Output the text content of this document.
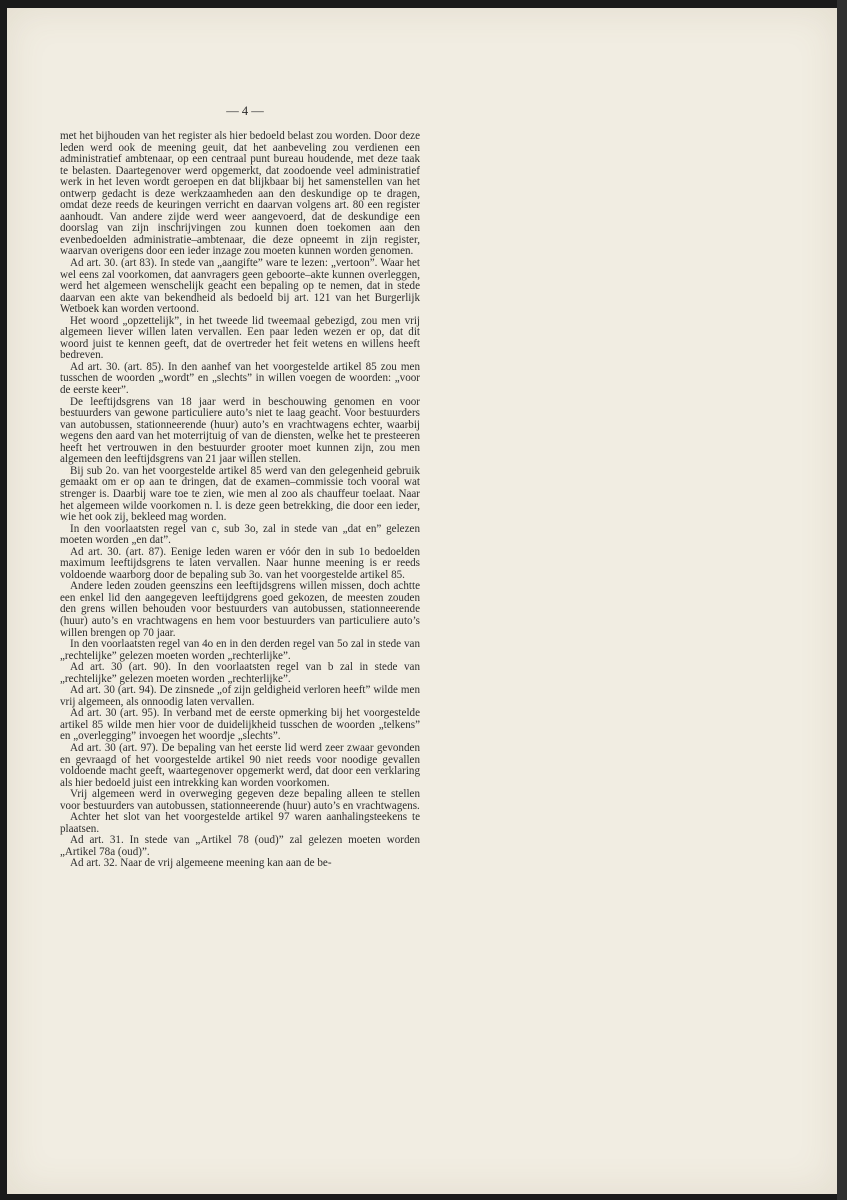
— 4 —

met het bijhouden van het register als hier bedoeld belast zou worden. Door deze leden werd ook de meening geuit, dat het aanbeveling zou verdienen een administratief ambtenaar, op een centraal punt bureau houdende, met deze taak te belasten. Daartegenover werd opgemerkt, dat zoodoende veel administratief werk in het leven wordt geroepen en dat blijkbaar bij het samenstellen van het ontwerp gedacht is deze werkzaamheden aan den deskundige op te dragen, omdat deze reeds de keuringen verricht en daarvan volgens art. 80 een register aanhoudt. Van andere zijde werd weer aangevoerd, dat de deskundige een doorslag van zijn inschrijvingen zou kunnen doen toekomen aan den evenbedoelden administratie–ambtenaar, die deze opneemt in zijn register, waarvan overigens door een ieder inzage zou moeten kunnen worden genomen.

Ad art. 30. (art 83). In stede van „aangifte” ware te lezen: „vertoon”. Waar het wel eens zal voorkomen, dat aanvragers geen geboorte–akte kunnen overleggen, werd het algemeen wenschelijk geacht een bepaling op te nemen, dat in stede daarvan een akte van bekendheid als bedoeld bij art. 121 van het Burgerlijk Wetboek kan worden vertoond.

Het woord „opzettelijk”, in het tweede lid tweemaal gebezigd, zou men vrij algemeen liever willen laten vervallen. Een paar leden wezen er op, dat dit woord juist te kennen geeft, dat de overtreder het feit wetens en willens heeft bedreven.

Ad art. 30. (art. 85). In den aanhef van het voorgestelde artikel 85 zou men tusschen de woorden „wordt” en „slechts” in willen voegen de woorden: „voor de eerste keer”.

De leeftijdsgrens van 18 jaar werd in beschouwing genomen en voor bestuurders van gewone particuliere auto’s niet te laag geacht. Voor bestuurders van autobussen, stationneerende (huur) auto’s en vrachtwagens echter, waarbij wegens den aard van het moterrijtuig of van de diensten, welke het te presteeren heeft het vertrouwen in den bestuurder grooter moet kunnen zijn, zou men algemeen den leeftijdsgrens van 21 jaar willen stellen.

Bij sub 2o. van het voorgestelde artikel 85 werd van den gelegenheid gebruik gemaakt om er op aan te dringen, dat de examen–commissie toch vooral wat strenger is. Daarbij ware toe te zien, wie men al zoo als chauffeur toelaat. Naar het algemeen wilde voorkomen n. l. is deze geen betrekking, die door een ieder, wie het ook zij, bekleed mag worden.

In den voorlaatsten regel van c, sub 3o, zal in stede van „dat en” gelezen moeten worden „en dat”.

Ad art. 30. (art. 87). Eenige leden waren er vóór den in sub 1o bedoelden maximum leeftijdsgrens te laten vervallen. Naar hunne meening is er reeds voldoende waarborg door de bepaling sub 3o. van het voorgestelde artikel 85.

Andere leden zouden geenszins een leeftijdsgrens willen missen, doch achtte een enkel lid den aangegeven leeftijdgrens goed gekozen, de meesten zouden den grens willen behouden voor bestuurders van autobussen, stationneerende (huur) auto’s en vrachtwagens en hem voor bestuurders van particuliere auto’s willen brengen op 70 jaar.

In den voorlaatsten regel van 4o en in den derden regel van 5o zal in stede van „rechtelijke” gelezen moeten worden „rechterlijke”.

Ad art. 30 (art. 90). In den voorlaatsten regel van b zal in stede van „rechtelijke” gelezen moeten worden „rechterlijke”.

Ad art. 30 (art. 94). De zinsnede „of zijn geldigheid verloren heeft” wilde men vrij algemeen, als onnoodig laten vervallen.

Ad art. 30 (art. 95). In verband met de eerste opmerking bij het voorgestelde artikel 85 wilde men hier voor de duidelijkheid tusschen de woorden „telkens” en „overlegging” invoegen het woordje „slechts”.

Ad art. 30 (art. 97). De bepaling van het eerste lid werd zeer zwaar gevonden en gevraagd of het voorgestelde artikel 90 niet reeds voor noodige gevallen voldoende macht geeft, waartegenover opgemerkt werd, dat door een verklaring als hier bedoeld juist een intrekking kan worden voorkomen.

Vrij algemeen werd in overweging gegeven deze bepaling alleen te stellen voor bestuurders van autobussen, stationneerende (huur) auto’s en vrachtwagens.

Achter het slot van het voorgestelde artikel 97 waren aanhalingsteekens te plaatsen.

Ad art. 31. In stede van „Artikel 78 (oud)” zal gelezen moeten worden „Artikel 78a (oud)”.

Ad art. 32. Naar de vrij algemeene meening kan aan de be-
